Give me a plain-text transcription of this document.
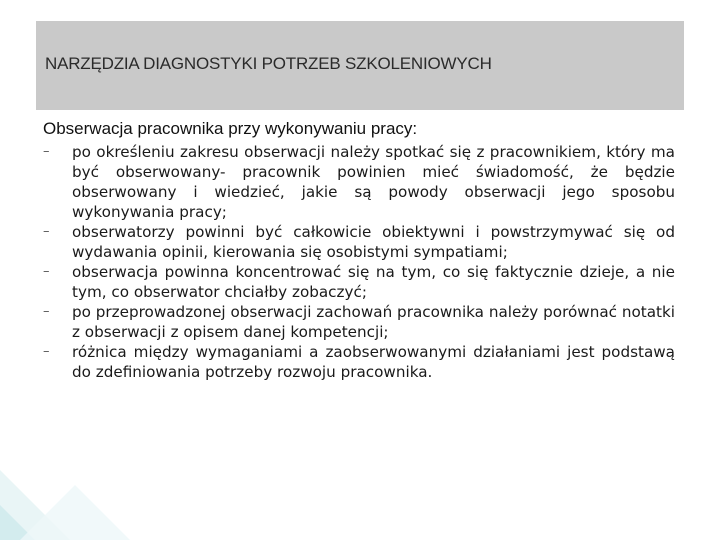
NARZĘDZIA DIAGNOSTYKI POTRZEB SZKOLENIOWYCH
Obserwacja pracownika przy wykonywaniu pracy:
–	po określeniu zakresu obserwacji należy spotkać się z pracownikiem, który ma być obserwowany- pracownik powinien mieć świadomość, że będzie obserwowany i wiedzieć, jakie są powody obserwacji jego sposobu wykonywania pracy;
–	obserwatorzy powinni być całkowicie obiektywni i powstrzymywać się od wydawania opinii, kierowania się osobistymi sympatiami;
–	obserwacja powinna koncentrować się na tym, co się faktycznie dzieje, a nie tym, co obserwator chciałby zobaczyć;
–	po przeprowadzonej obserwacji zachowań pracownika należy porównać notatki z obserwacji z opisem danej kompetencji;
–	różnica między wymaganiami a zaobserwowanymi działaniami jest podstawą do zdefiniowania potrzeby rozwoju pracownika.
